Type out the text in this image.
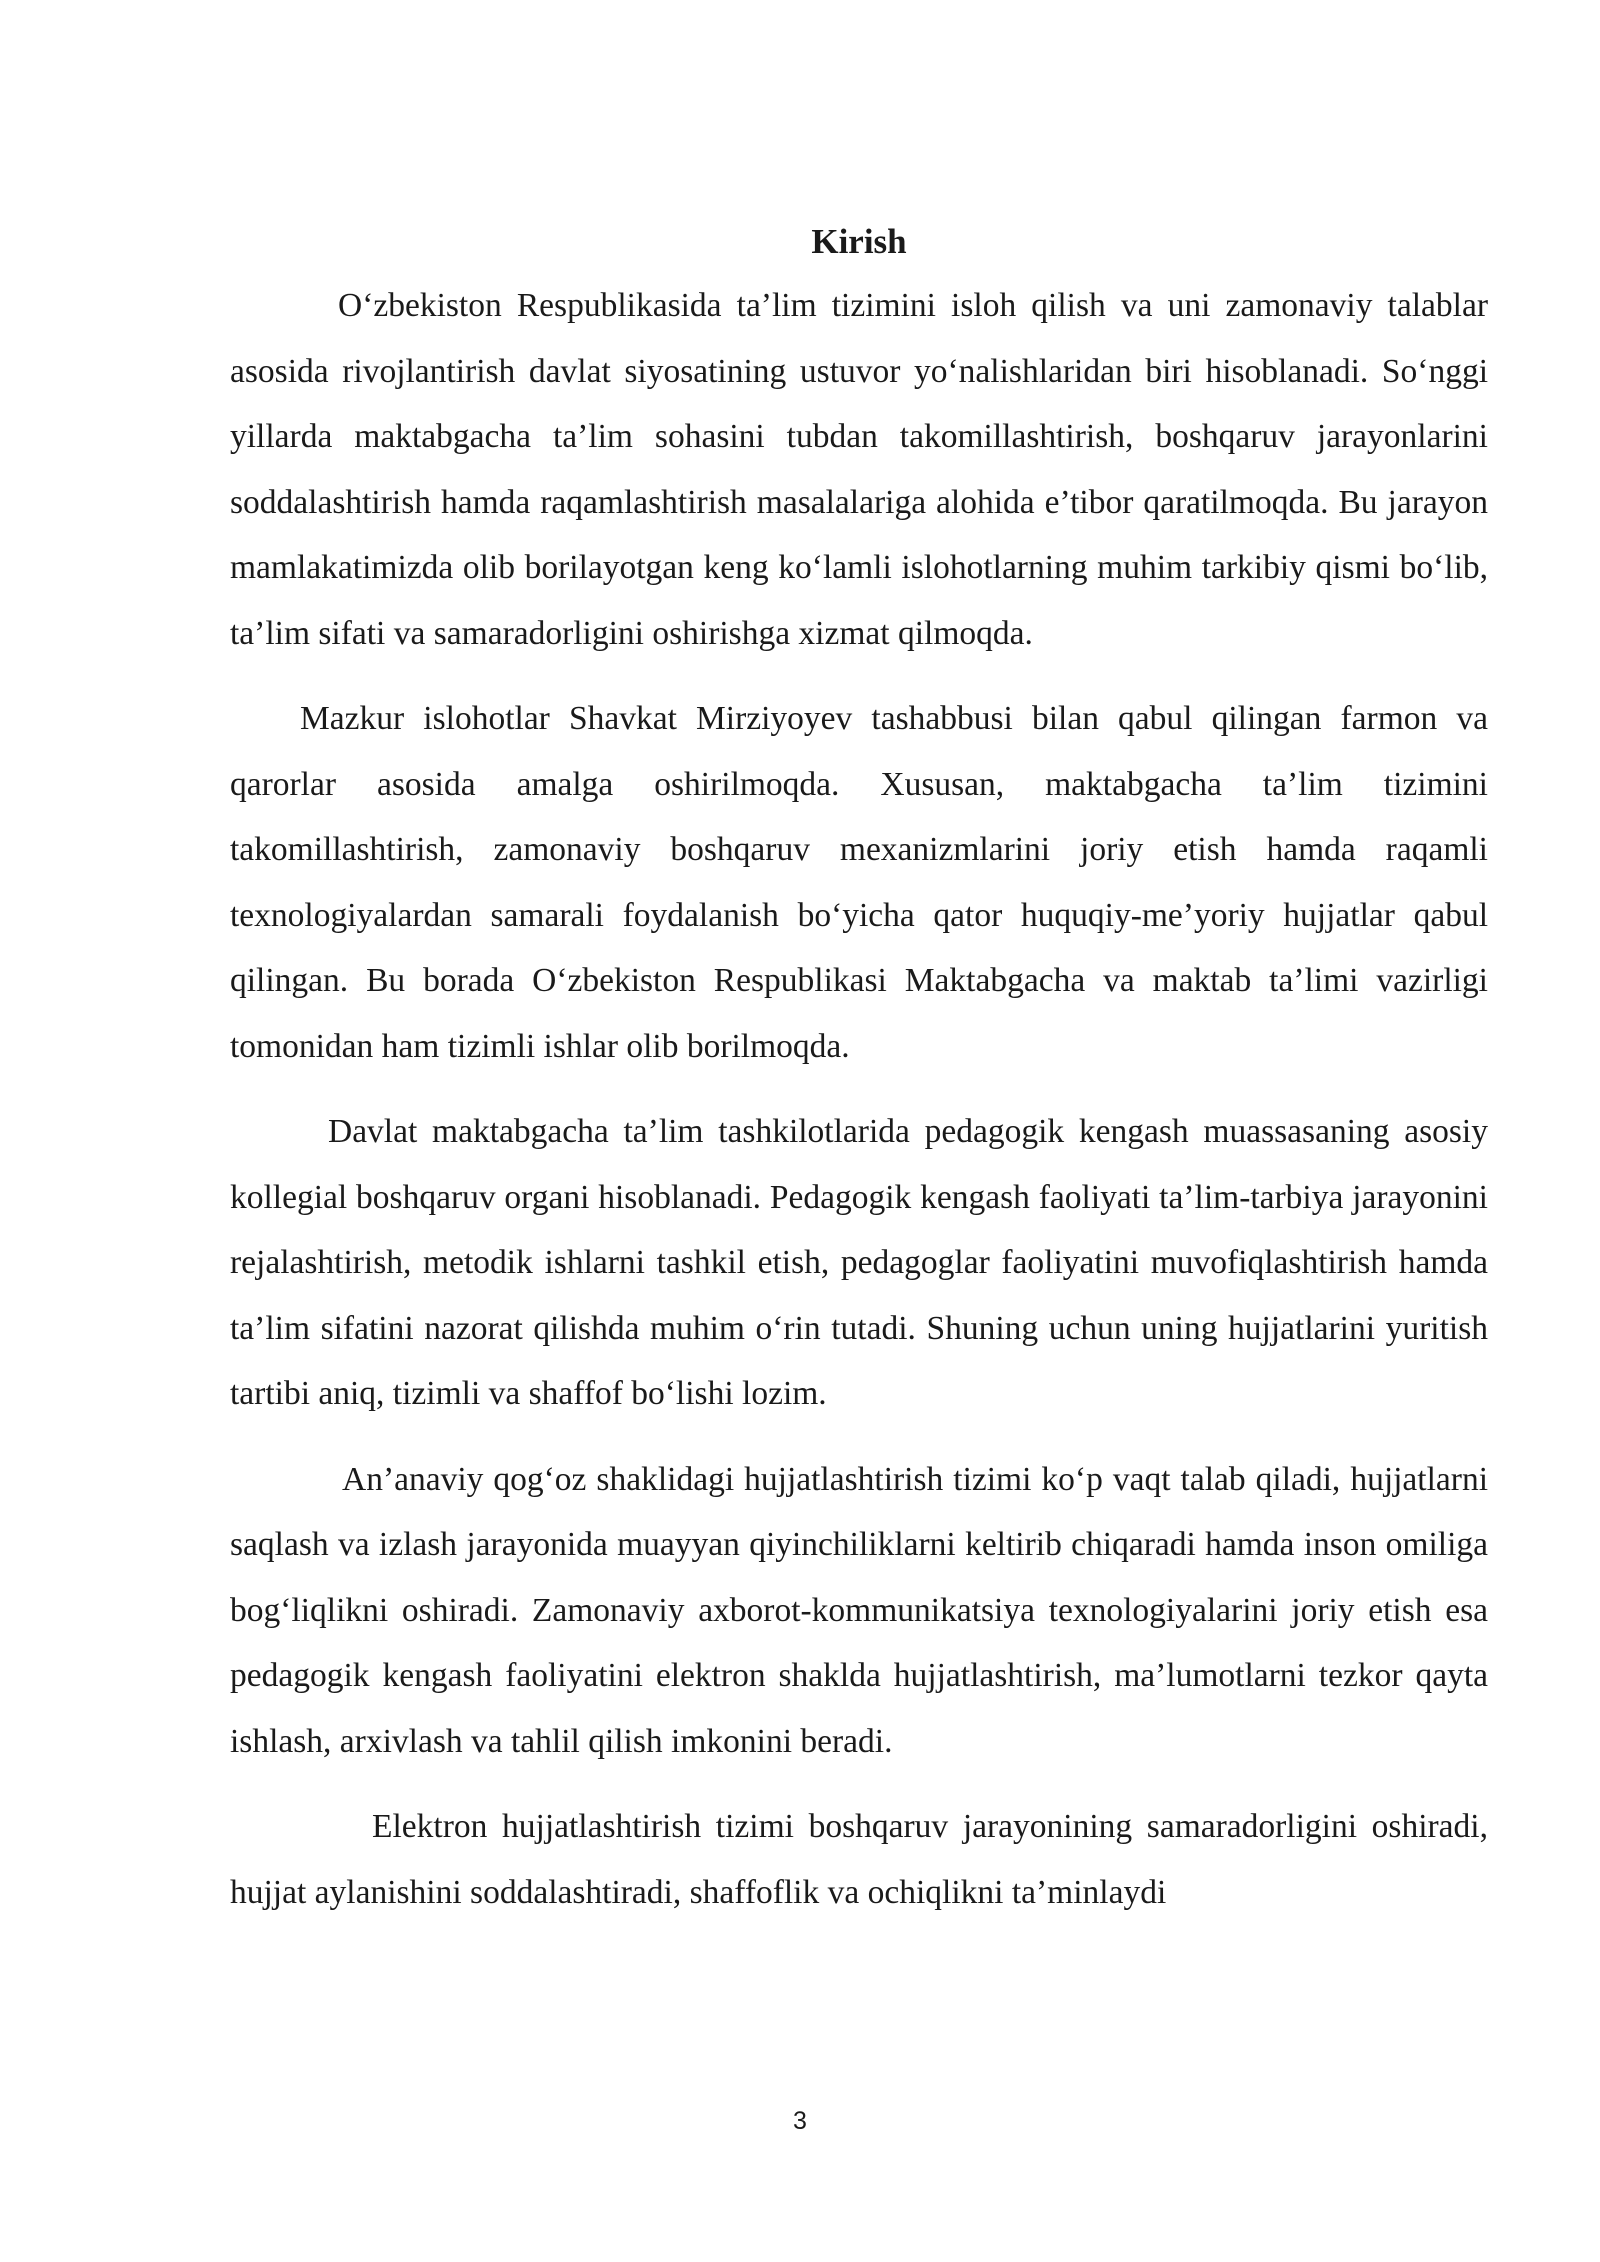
Kirish

O‘zbekiston Respublikasida ta’lim tizimini isloh qilish va uni zamonaviy talablar asosida rivojlantirish davlat siyosatining ustuvor yo‘nalishlaridan biri hisoblanadi. So‘nggi yillarda maktabgacha ta’lim sohasini tubdan takomillashtirish, boshqaruv jarayonlarini soddalashtirish hamda raqamlashtirish masalalariga alohida e’tibor qaratilmoqda. Bu jarayon mamlakatimizda olib borilayotgan keng ko‘lamli islohotlarning muhim tarkibiy qismi bo‘lib, ta’lim sifati va samaradorligini oshirishga xizmat qilmoqda.

Mazkur islohotlar Shavkat Mirziyoyev tashabbusi bilan qabul qilingan farmon va qarorlar asosida amalga oshirilmoqda. Xususan, maktabgacha ta’lim tizimini takomillashtirish, zamonaviy boshqaruv mexanizmlarini joriy etish hamda raqamli texnologiyalardan samarali foydalanish bo‘yicha qator huquqiy-me’yoriy hujjatlar qabul qilingan. Bu borada O‘zbekiston Respublikasi Maktabgacha va maktab ta’limi vazirligi tomonidan ham tizimli ishlar olib borilmoqda.

Davlat maktabgacha ta’lim tashkilotlarida pedagogik kengash muassasaning asosiy kollegial boshqaruv organi hisoblanadi. Pedagogik kengash faoliyati ta’lim-tarbiya jarayonini rejalashtirish, metodik ishlarni tashkil etish, pedagoglar faoliyatini muvofiqlashtirish hamda ta’lim sifatini nazorat qilishda muhim o‘rin tutadi. Shuning uchun uning hujjatlarini yuritish tartibi aniq, tizimli va shaffof bo‘lishi lozim.

An’anaviy qog‘oz shaklidagi hujjatlashtirish tizimi ko‘p vaqt talab qiladi, hujjatlarni saqlash va izlash jarayonida muayyan qiyinchiliklarni keltirib chiqaradi hamda inson omiliga bog‘liqlikni oshiradi. Zamonaviy axborot-kommunikatsiya texnologiyalarini joriy etish esa pedagogik kengash faoliyatini elektron shaklda hujjatlashtirish, ma’lumotlarni tezkor qayta ishlash, arxivlash va tahlil qilish imkonini beradi.

Elektron hujjatlashtirish tizimi boshqaruv jarayonining samaradorligini oshiradi, hujjat aylanishini soddalashtiradi, shaffoflik va ochiqlikni ta’minlaydi

3
